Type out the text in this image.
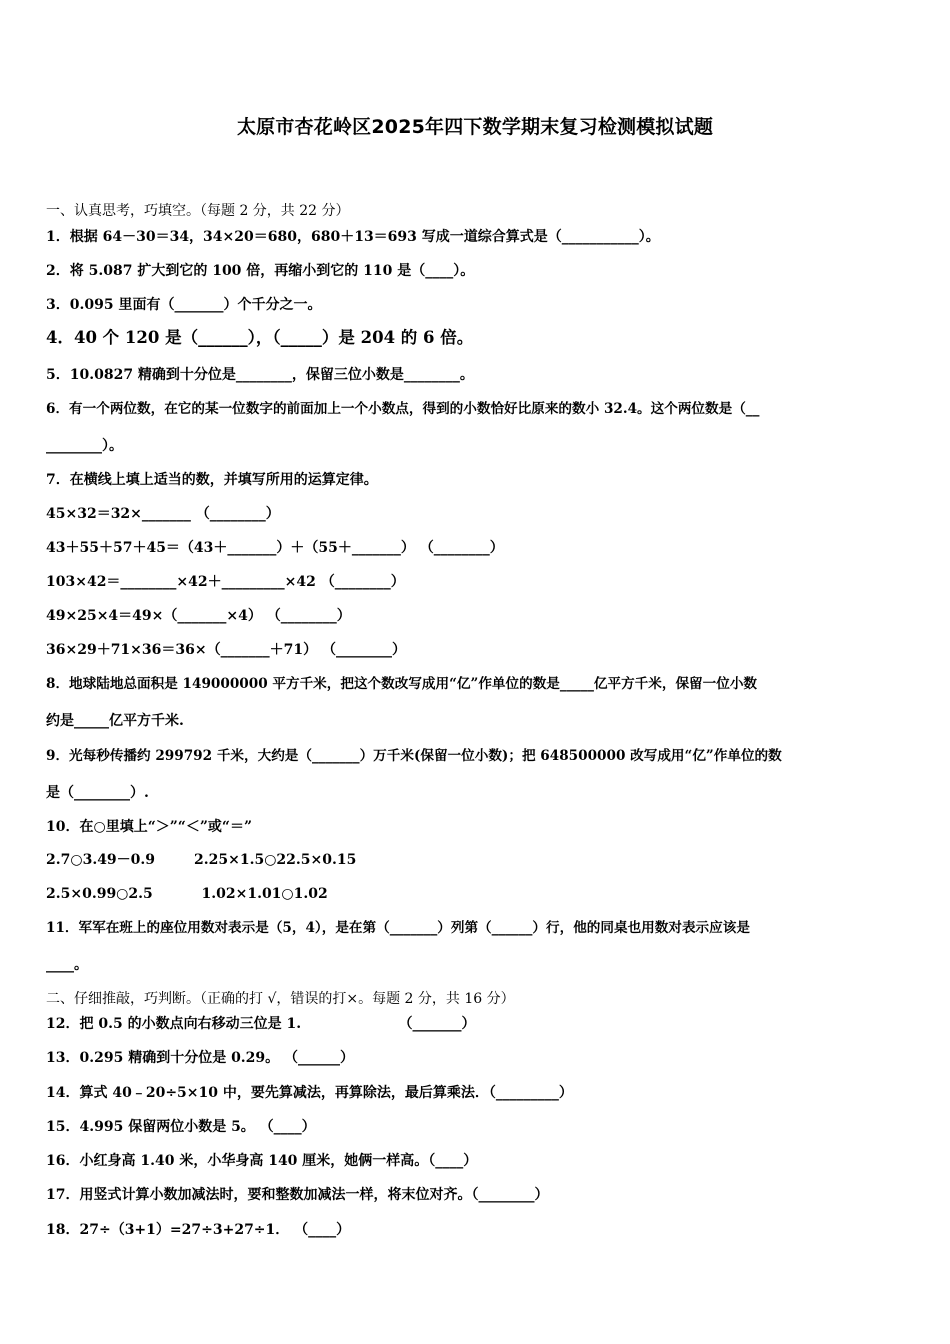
太原市杏花岭区2025年四下数学期末复习检测模拟试题
一、认真思考，巧填空。（每题 2 分，共 22 分）
1．根据 64－30＝34，34×20＝680，680＋13＝693 写成一道综合算式是（___________）。
2．将 5.087 扩大到它的 100 倍，再缩小到它的 110 是（____）。
3．0.095 里面有（_______）个千分之一。
4．40 个 120 是（______），（_____）是 204 的 6 倍。
5．10.0827 精确到十分位是________，保留三位小数是________。
6．有一个两位数，在它的某一位数字的前面加上一个小数点，得到的小数恰好比原来的数小 32.4。这个两位数是（__
________）。
7．在横线上填上适当的数，并填写所用的运算定律。
45×32＝32×_______ （________）
43＋55＋57＋45＝（43＋_______）＋（55＋_______） （________）
103×42＝________×42＋_________×42 （________）
49×25×4＝49×（_______×4） （________）
36×29＋71×36＝36×（_______＋71） （________）
8．地球陆地总面积是 149000000 平方千米，把这个数改写成用“亿”作单位的数是_____亿平方千米，保留一位小数
约是_____亿平方千米.
9．光每秒传播约 299792 千米，大约是（_______）万千米(保留一位小数)；把 648500000 改写成用“亿”作单位的数
是（________）.
10．在○里填上“＞”“＜”或“＝”
2.7○3.49－0.9        2.25×1.5○22.5×0.15
2.5×0.99○2.5          1.02×1.01○1.02
11．军军在班上的座位用数对表示是（5，4），是在第（_______）列第（______）行，他的同桌也用数对表示应该是
____。
二、仔细推敲，巧判断。（正确的打 √，错误的打×。每题 2 分，共 16 分）
12．把 0.5 的小数点向右移动三位是 1.                    （_______）
13．0.295 精确到十分位是 0.29。 （______）
14．算式 40﹣20÷5×10 中，要先算减法，再算除法，最后算乘法．（_________）
15．4.995 保留两位小数是 5。 （____）
16．小红身高 1.40 米，小华身高 140 厘米，她俩一样高。（____）
17．用竖式计算小数加减法时，要和整数加减法一样，将末位对齐。（________）
18．27÷（3+1）=27÷3+27÷1． （____）
